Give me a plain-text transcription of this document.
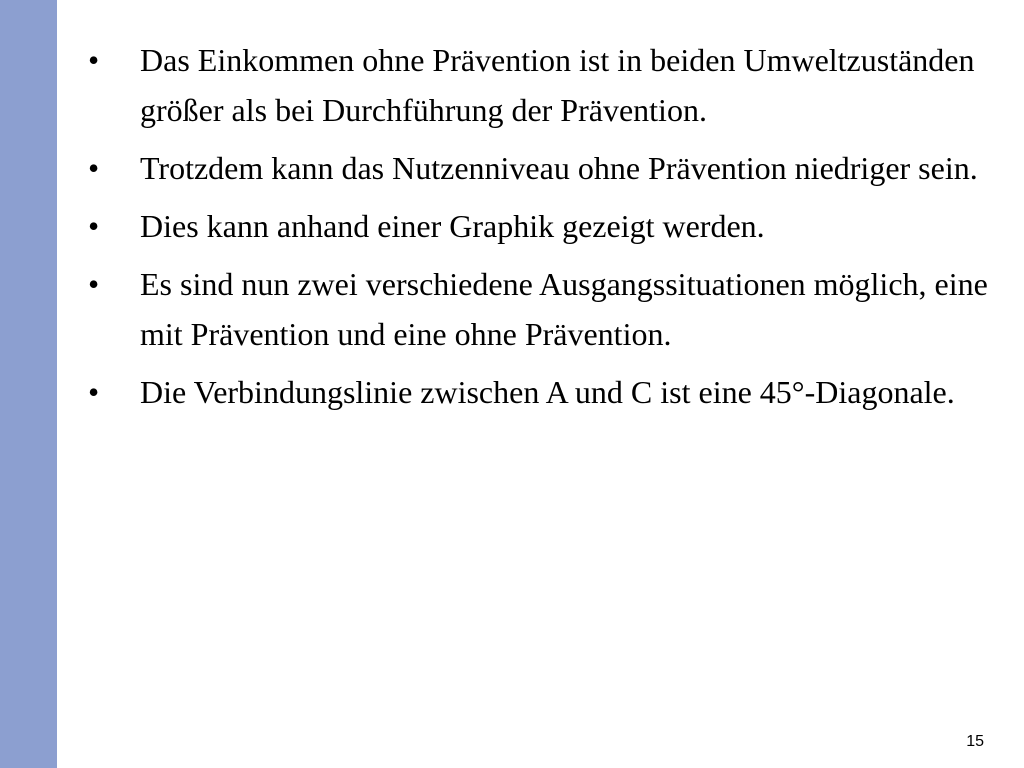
• Das Einkommen ohne Prävention ist in beiden Umweltzuständen größer als bei Durchführung der Prävention.
• Trotzdem kann das Nutzenniveau ohne Prävention niedriger sein.
• Dies kann anhand einer Graphik gezeigt werden.
• Es sind nun zwei verschiedene Ausgangssituationen möglich, eine mit Prävention und eine ohne Prävention.
• Die Verbindungslinie zwischen A und C ist eine 45°-Diagonale.
15
